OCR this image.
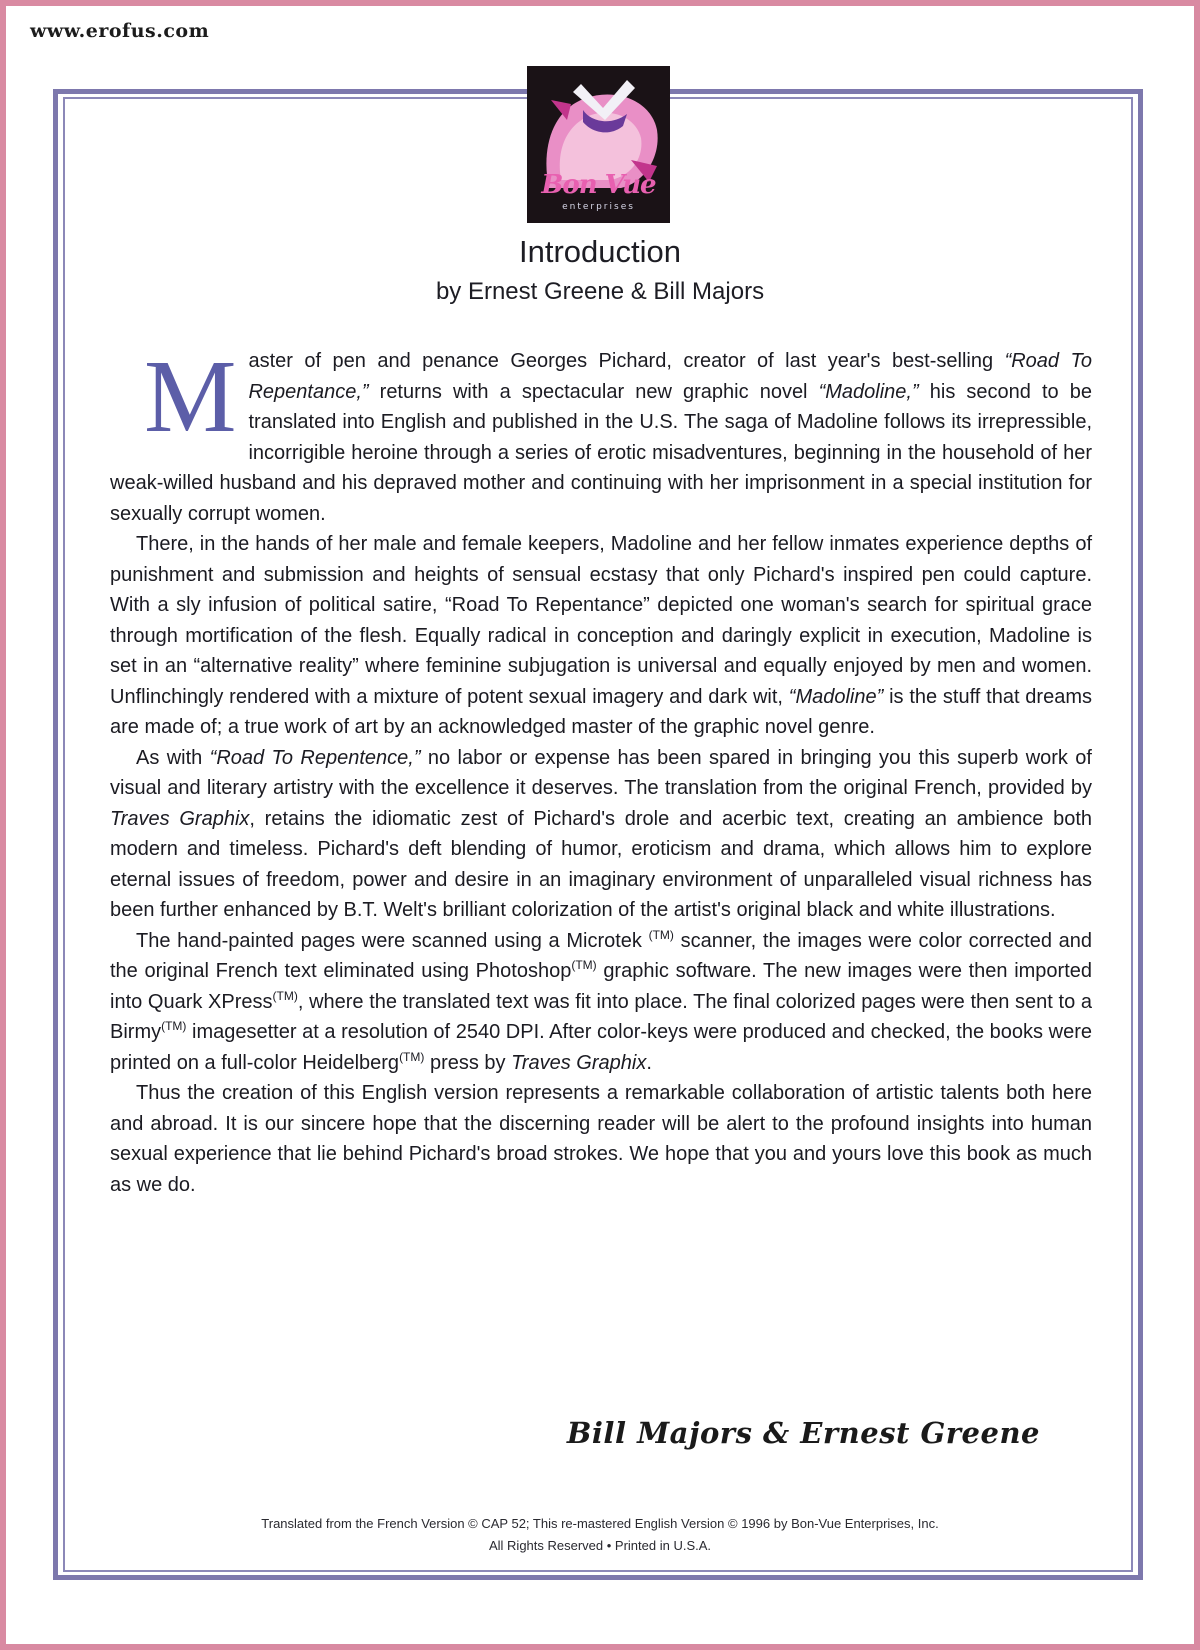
www.erofus.com
Bon Vue
enterprises
Introduction
by Ernest Greene & Bill Majors

Master of pen and penance Georges Pichard, creator of last year's best-selling “Road To Repentance,” returns with a spectacular new graphic novel “Madoline,” his second to be translated into English and published in the U.S. The saga of Madoline follows its irrepressible, incorrigible heroine through a series of erotic misadventures, beginning in the household of her weak-willed husband and his depraved mother and continuing with her imprisonment in a special institution for sexually corrupt women.

There, in the hands of her male and female keepers, Madoline and her fellow inmates experience depths of punishment and submission and heights of sensual ecstasy that only Pichard's inspired pen could capture. With a sly infusion of political satire, “Road To Repentance” depicted one woman's search for spiritual grace through mortification of the flesh. Equally radical in conception and daringly explicit in execution, Madoline is set in an “alternative reality” where feminine subjugation is universal and equally enjoyed by men and women. Unflinchingly rendered with a mixture of potent sexual imagery and dark wit, “Madoline” is the stuff that dreams are made of; a true work of art by an acknowledged master of the graphic novel genre.

As with “Road To Repentence,” no labor or expense has been spared in bringing you this superb work of visual and literary artistry with the excellence it deserves. The translation from the original French, provided by Traves Graphix, retains the idiomatic zest of Pichard's drole and acerbic text, creating an ambience both modern and timeless. Pichard's deft blending of humor, eroticism and drama, which allows him to explore eternal issues of freedom, power and desire in an imaginary environment of unparalleled visual richness has been further enhanced by B.T. Welt's brilliant colorization of the artist's original black and white illustrations.

The hand-painted pages were scanned using a Microtek $^{(TM)}$ scanner, the images were color corrected and the original French text eliminated using Photoshop$^{(TM)}$ graphic software. The new images were then imported into Quark XPress$^{(TM)}$, where the translated text was fit into place. The final colorized pages were then sent to a Birmy$^{(TM)}$ imagesetter at a resolution of 2540 DPI. After color-keys were produced and checked, the books were printed on a full-color Heidelberg$^{(TM)}$ press by Traves Graphix.

Thus the creation of this English version represents a remarkable collaboration of artistic talents both here and abroad. It is our sincere hope that the discerning reader will be alert to the profound insights into human sexual experience that lie behind Pichard's broad strokes. We hope that you and yours love this book as much as we do.

Bill Majors & Ernest Greene
Translated from the French Version © CAP 52; This re-mastered English Version © 1996 by Bon-Vue Enterprises, Inc.
All Rights Reserved • Printed in U.S.A.
